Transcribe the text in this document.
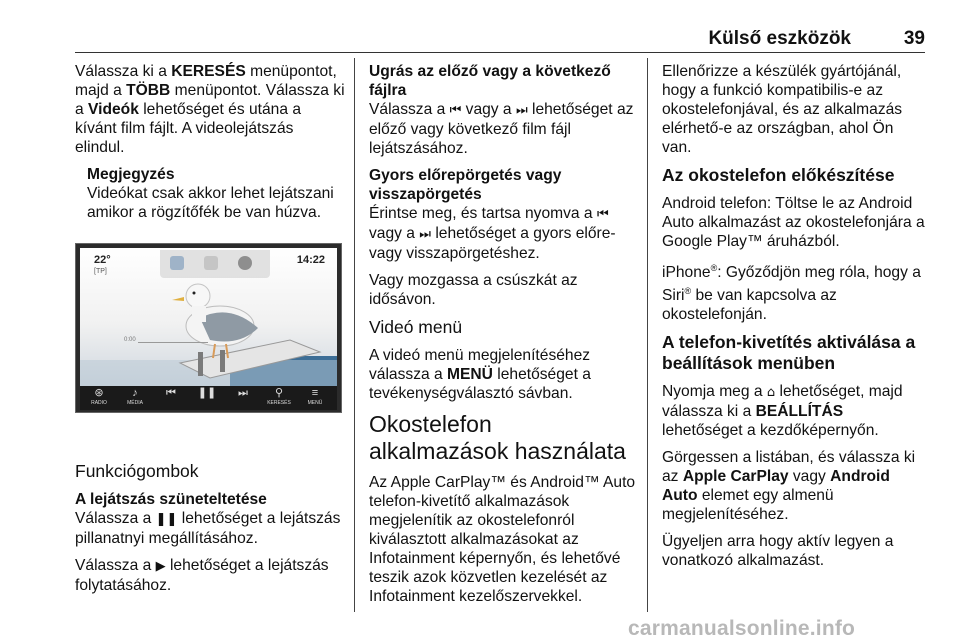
Külső eszközök	39

Válassza ki a KERESÉS menüpontot, majd a TÖBB menüpontot. Válassza ki a Videók lehetőséget és utána a kívánt film fájlt. A videolejátszás elindul.

Megjegyzés
Videókat csak akkor lehet lejátszani amikor a rögzítőfék be van húzva.
22°
[TP]
14:22
0:00
⊛
RADIO
♪
MÉDIA
⏮	❚❚	⏭	⚲
KERESÉS
≡
MENÜ
Funkciógombok
A lejátszás szüneteltetése

Válassza a ❚❚ lehetőséget a lejátszás pillanatnyi megállításához.

Válassza a ▶ lehetőséget a lejátszás folytatásához.

Ugrás az előző vagy a következő fájlra

Válassza a ⏮ vagy a ⏭ lehetőséget az előző vagy következő film fájl lejátszásához.

Gyors előrepörgetés vagy visszapörgetés

Érintse meg, és tartsa nyomva a ⏮ vagy a ⏭ lehetőséget a gyors előre- vagy visszapörgetéshez.

Vagy mozgassa a csúszkát az idősávon.

Videó menü

A videó menü megjelenítéséhez válassza a MENÜ lehetőséget a tevékenységválasztó sávban.

Okostelefon alkalmazások használata

Az Apple CarPlay™ és Android™ Auto telefon-kivetítő alkalmazások megjelenítik az okostelefonról kiválasztott alkalmazásokat az Infotainment képernyőn, és lehetővé teszik azok közvetlen kezelését az Infotainment kezelőszervekkel.

Ellenőrizze a készülék gyártójánál, hogy a funkció kompatibilis-e az okostelefonjával, és az alkalmazás elérhető-e az országban, ahol Ön van.

Az okostelefon előkészítése

Android telefon: Töltse le az Android Auto alkalmazást az okostelefonjára a Google Play™ áruházból.

iPhone®: Győződjön meg róla, hogy a Siri® be van kapcsolva az okostelefonján.

A telefon-kivetítés aktiválása a beállítások menüben

Nyomja meg a ⌂ lehetőséget, majd válassza ki a BEÁLLÍTÁS lehetőséget a kezdőképernyőn.

Görgessen a listában, és válassza ki az Apple CarPlay vagy Android Auto elemet egy almenü megjelenítéséhez.

Ügyeljen arra hogy aktív legyen a vonatkozó alkalmazást.

carmanualsonline.info
